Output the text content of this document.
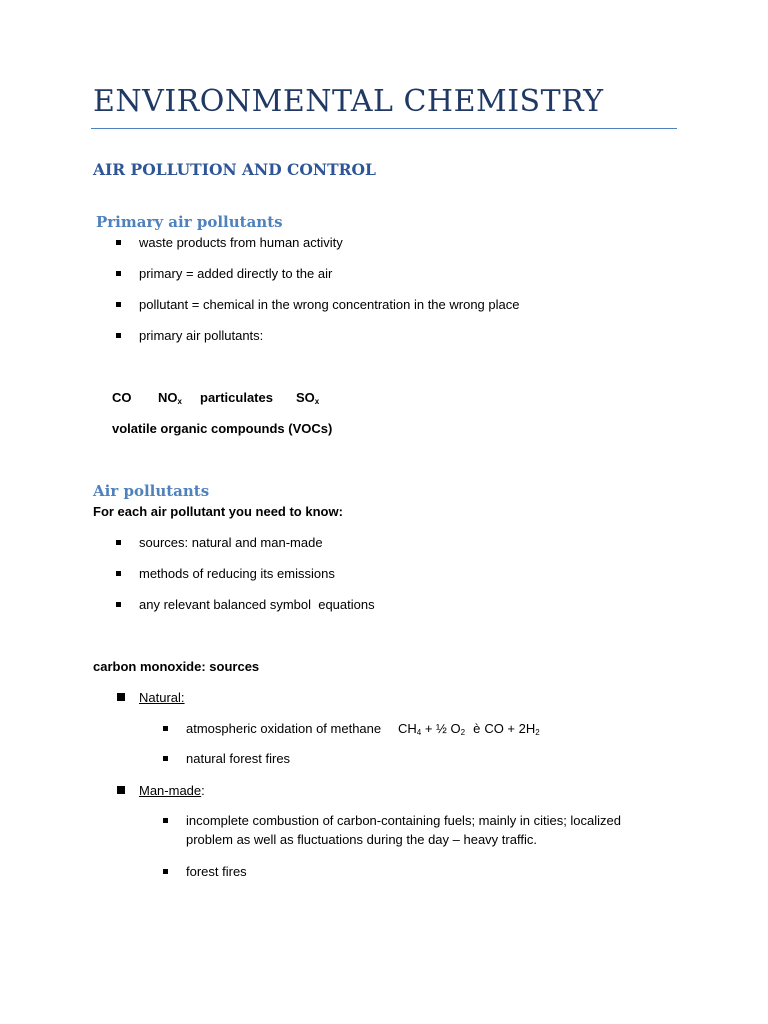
ENVIRONMENTAL CHEMISTRY
AIR POLLUTION AND CONTROL
Primary air pollutants
waste products from human activity
primary = added directly to the air
pollutant = chemical in the wrong concentration in the wrong place
primary air pollutants:
CO $NO_x$ particulates $SO_x$
volatile organic compounds (VOCs)
Air pollutants
For each air pollutant you need to know:
sources: natural and man-made
methods of reducing its emissions
any relevant balanced symbol  equations
carbon monoxide: sources
Natural:
atmospheric oxidation of methane $CH_4$ + ½ $O_2$ è CO + $2H_2$
natural forest fires
Man-made:
incomplete combustion of carbon-containing fuels; mainly in cities; localized problem as well as fluctuations during the day – heavy traffic.
forest fires
